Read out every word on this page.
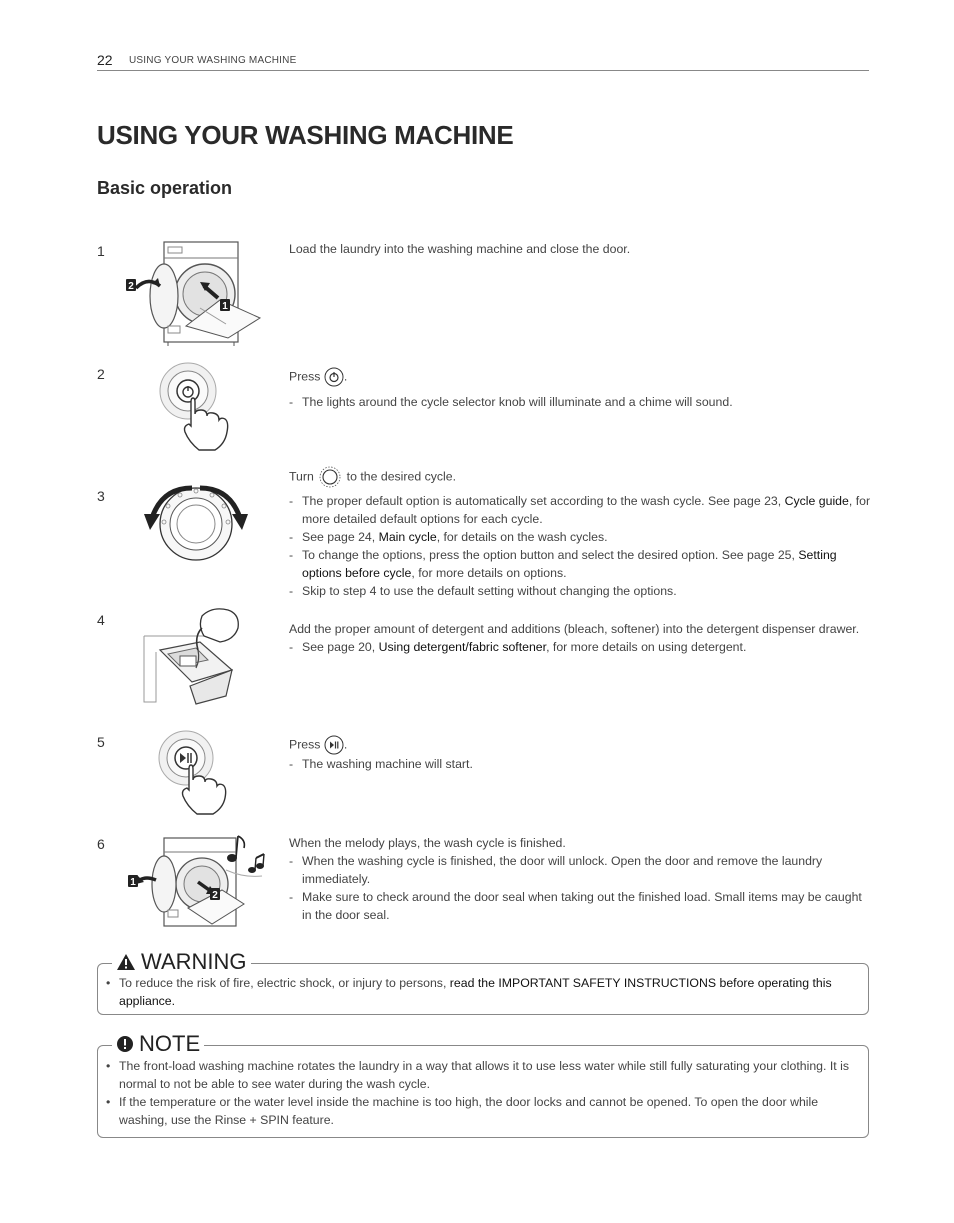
22 USING YOUR WASHING MACHINE
USING YOUR WASHING MACHINE
Basic operation
1
2
1

Load the laundry into the washing machine and close the door.

2	Press .

- The lights around the cycle selector knob will illuminate and a chime will sound.
3

Turn	to the desired cycle.

- The proper default option is automatically set according to the wash cycle. See page 23, Cycle guide, for more detailed default options for each cycle.
- See page 24, Main cycle, for details on the wash cycles.
- To change the options, press the option button and select the desired option. See page 25, Setting options before cycle, for more details on options.
- Skip to step 4 to use the default setting without changing the options.
4

Add the proper amount of detergent and additions (bleach, softener) into the detergent dispenser drawer.

- See page 20, Using detergent/fabric softener, for more details on using detergent.
5	Press .

- The washing machine will start.
6
1
2

When the melody plays, the wash cycle is finished.

- When the washing cycle is finished, the door will unlock. Open the door and remove the laundry immediately.
- Make sure to check around the door seal when taking out the finished load. Small items may be caught in the door seal.
WARNING
• To reduce the risk of fire, electric shock, or injury to persons, read the IMPORTANT SAFETY INSTRUCTIONS before operating this appliance.
NOTE
• The front-load washing machine rotates the laundry in a way that allows it to use less water while still fully saturating your clothing. It is normal to not be able to see water during the wash cycle.
• If the temperature or the water level inside the machine is too high, the door locks and cannot be opened. To open the door while washing, use the Rinse + SPIN feature.
